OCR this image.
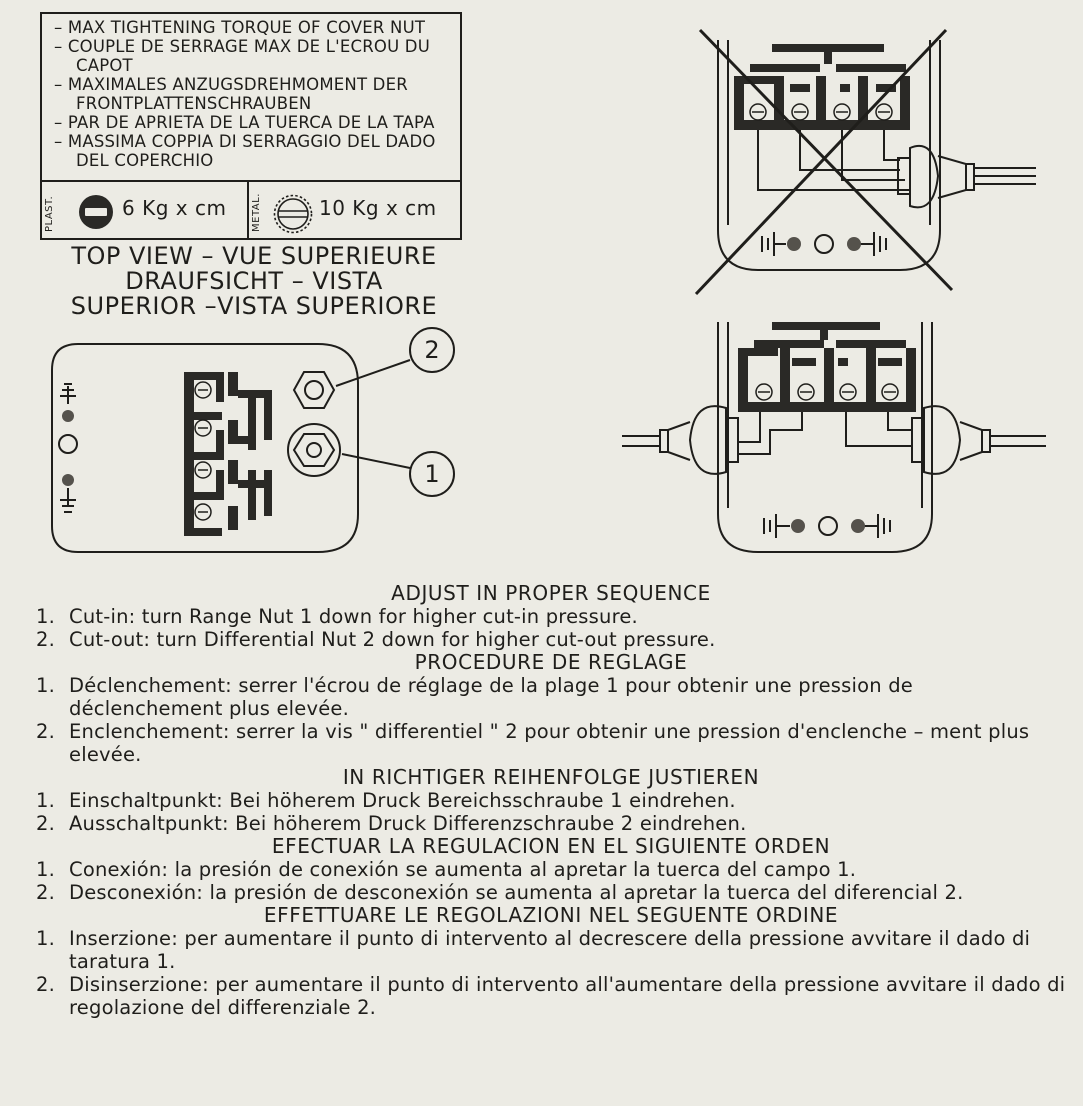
– MAX TIGHTENING TORQUE OF COVER NUT
– COUPLE DE SERRAGE MAX DE L'ECROU DU CAPOT
– MAXIMALES ANZUGSDREHMOMENT DER FRONTPLATTENSCHRAUBEN
– PAR DE APRIETA DE LA TUERCA DE LA TAPA
– MASSIMA COPPIA DI SERRAGGIO DEL DADO DEL COPERCHIO
PLAST.	6 Kg x cm METAL.	10 Kg x cm
TOP VIEW – VUE SUPERIEURE
DRAUFSICHT – VISTA
SUPERIOR –VISTA SUPERIORE
2
1
ADJUST IN PROPER SEQUENCE

1. Cut-in: turn Range Nut 1 down for higher cut-in pressure.

2. Cut-out: turn Differential Nut 2 down for higher cut-out pressure.

PROCEDURE DE REGLAGE

1. Déclenchement: serrer l'écrou de réglage de la plage 1 pour obtenir une pression de déclenchement plus elevée.

2. Enclenchement: serrer la vis " differentiel " 2 pour obtenir une pression d'enclenche – ment plus elevée.

IN RICHTIGER REIHENFOLGE JUSTIEREN

1. Einschaltpunkt: Bei höherem Druck Bereichsschraube 1 eindrehen.

2. Ausschaltpunkt: Bei höherem Druck Differenzschraube 2 eindrehen.

EFECTUAR LA REGULACION EN EL SIGUIENTE ORDEN

1. Conexión: la presión de conexión se aumenta al apretar la tuerca del campo 1.

2. Desconexión: la presión de desconexión se aumenta al apretar la tuerca del diferencial 2.

EFFETTUARE LE REGOLAZIONI NEL SEGUENTE ORDINE

1. Inserzione: per aumentare il punto di intervento al decrescere della pressione avvitare il dado di taratura 1.

2. Disinserzione: per aumentare il punto di intervento all'aumentare della pressione avvitare il dado di regolazione del differenziale 2.
